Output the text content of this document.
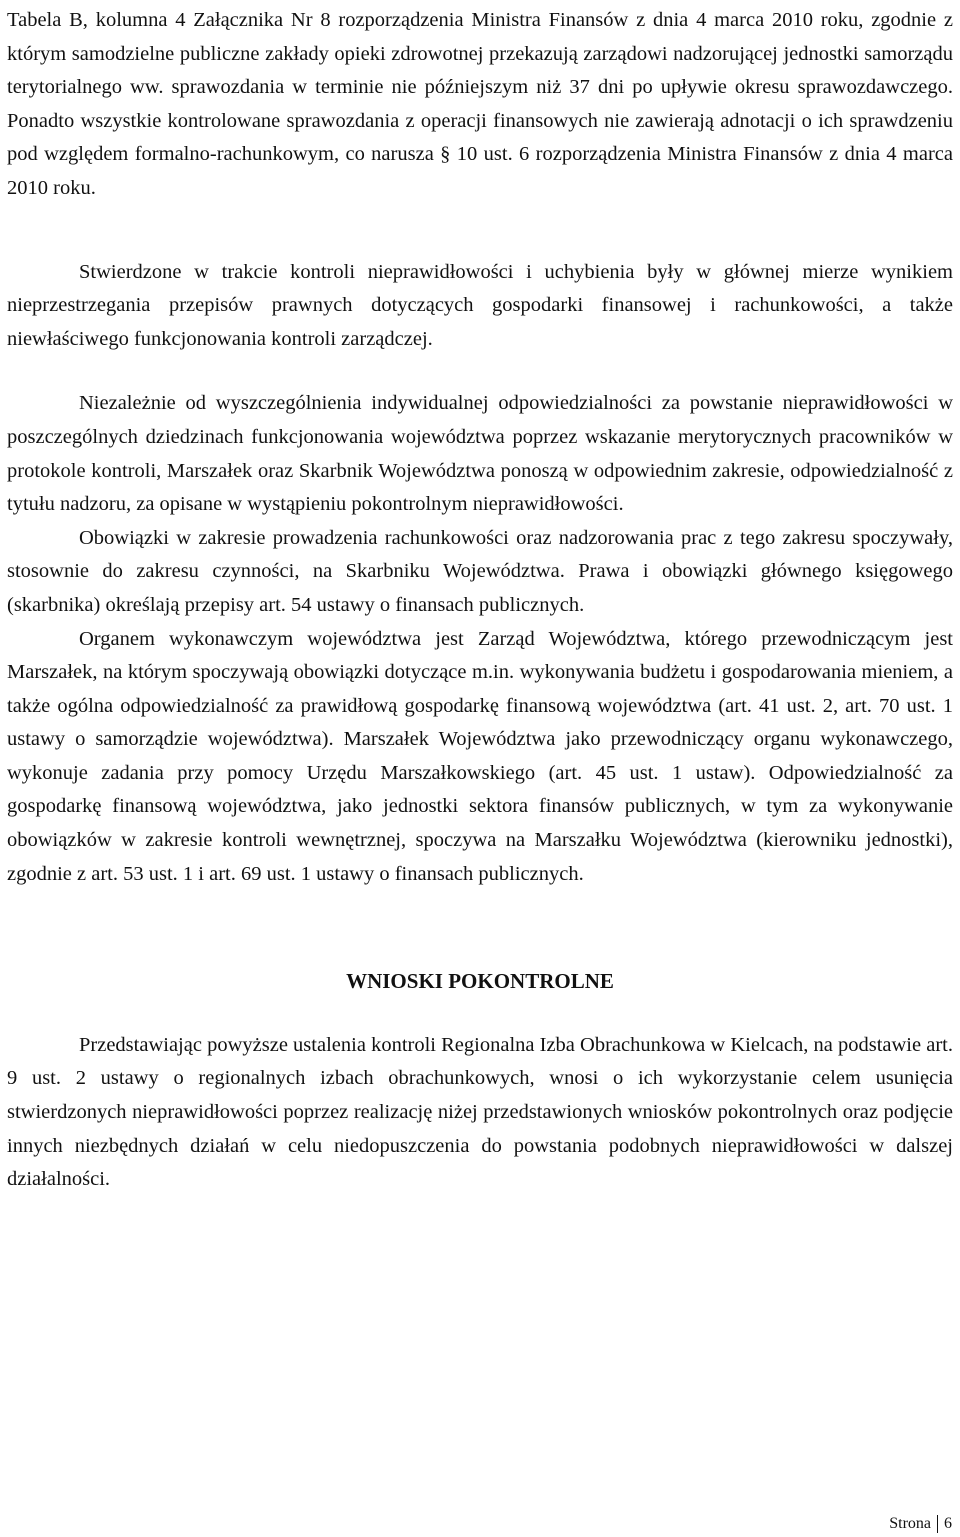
Tabela B, kolumna 4 Załącznika Nr 8 rozporządzenia Ministra Finansów z dnia 4 marca 2010 roku, zgodnie z którym samodzielne publiczne zakłady opieki zdrowotnej przekazują zarządowi nadzorującej jednostki samorządu terytorialnego ww. sprawozdania w terminie nie późniejszym niż 37 dni po upływie okresu sprawozdawczego. Ponadto wszystkie kontrolowane sprawozdania z operacji finansowych nie zawierają adnotacji o ich sprawdzeniu pod względem formalno-rachunkowym, co narusza § 10 ust. 6 rozporządzenia Ministra Finansów z dnia 4 marca 2010 roku.

Stwierdzone w trakcie kontroli nieprawidłowości i uchybienia były w głównej mierze wynikiem nieprzestrzegania przepisów prawnych dotyczących gospodarki finansowej i rachunkowości, a także niewłaściwego funkcjonowania kontroli zarządczej.

Niezależnie od wyszczególnienia indywidualnej odpowiedzialności za powstanie nieprawidłowości w poszczególnych dziedzinach funkcjonowania województwa poprzez wskazanie merytorycznych pracowników w protokole kontroli, Marszałek oraz Skarbnik Województwa ponoszą w odpowiednim zakresie, odpowiedzialność z tytułu nadzoru, za opisane w wystąpieniu pokontrolnym nieprawidłowości.

Obowiązki w zakresie prowadzenia rachunkowości oraz nadzorowania prac z tego zakresu spoczywały, stosownie do zakresu czynności, na Skarbniku Województwa. Prawa i obowiązki głównego księgowego (skarbnika) określają przepisy art. 54 ustawy o finansach publicznych.

Organem wykonawczym województwa jest Zarząd Województwa, którego przewodniczącym jest Marszałek, na którym spoczywają obowiązki dotyczące m.in. wykonywania budżetu i gospodarowania mieniem, a także ogólna odpowiedzialność za prawidłową gospodarkę finansową województwa (art. 41 ust. 2, art. 70 ust. 1 ustawy o samorządzie województwa). Marszałek Województwa jako przewodniczący organu wykonawczego, wykonuje zadania przy pomocy Urzędu Marszałkowskiego (art. 45 ust. 1 ustaw). Odpowiedzialność za gospodarkę finansową województwa, jako jednostki sektora finansów publicznych, w tym za wykonywanie obowiązków w zakresie kontroli wewnętrznej, spoczywa na Marszałku Województwa (kierowniku jednostki), zgodnie z art. 53 ust. 1 i art. 69 ust. 1 ustawy o finansach publicznych.

WNIOSKI POKONTROLNE

Przedstawiając powyższe ustalenia kontroli Regionalna Izba Obrachunkowa w Kielcach, na podstawie art. 9 ust. 2 ustawy o regionalnych izbach obrachunkowych, wnosi o ich wykorzystanie celem usunięcia stwierdzonych nieprawidłowości poprzez realizację niżej przedstawionych wniosków pokontrolnych oraz podjęcie innych niezbędnych działań w celu niedopuszczenia do powstania podobnych nieprawidłowości w dalszej działalności.

Strona 6
